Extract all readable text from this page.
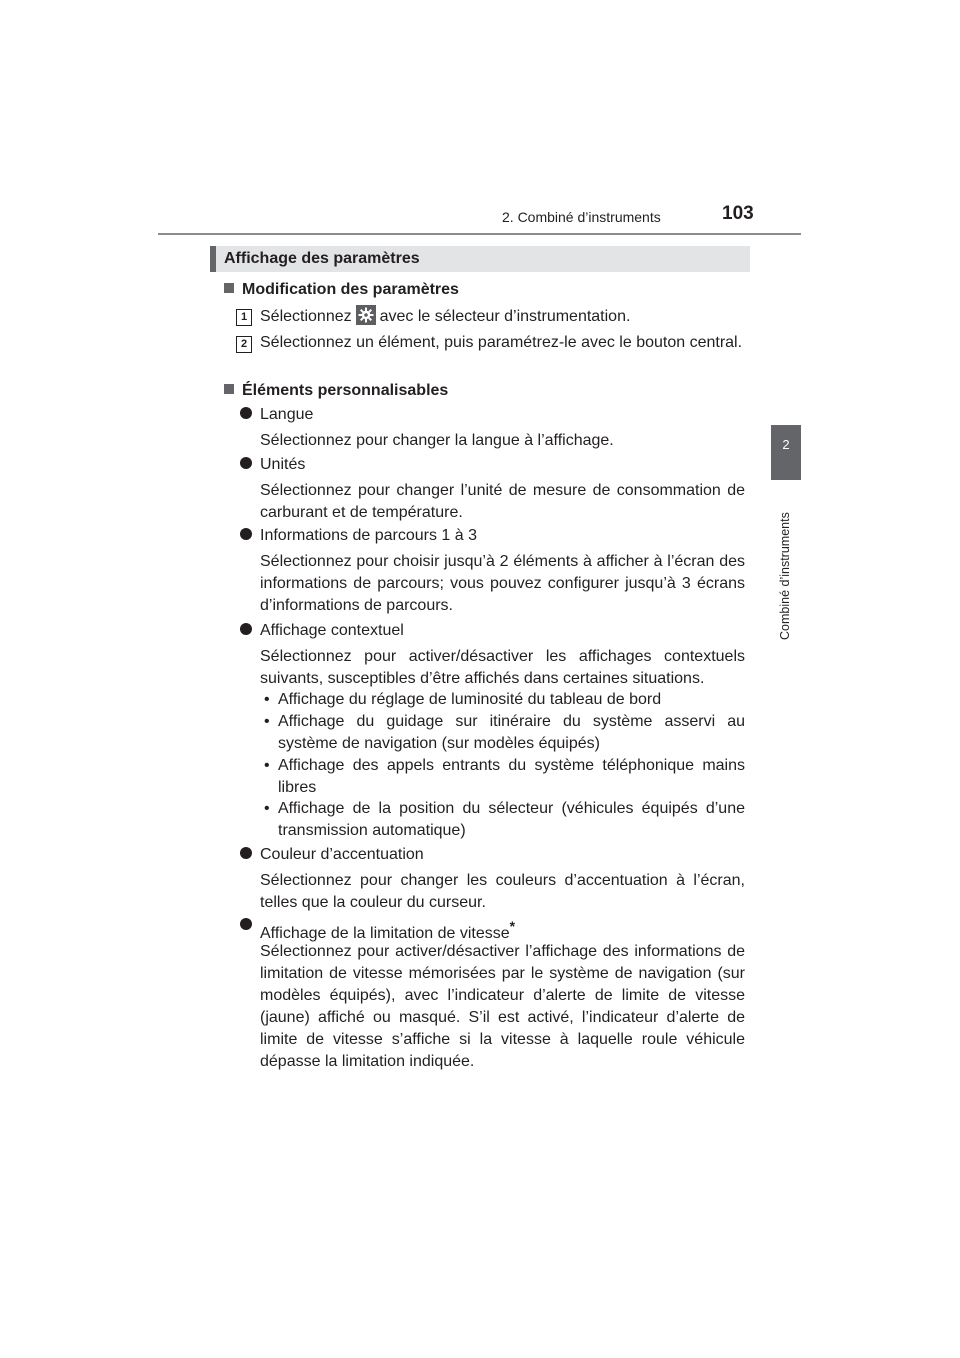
2. Combiné d’instruments	103
2
Combiné d’instruments
Affichage des paramètres
Modification des paramètres
1 Sélectionnez avec le sélecteur d’instrumentation.
2 Sélectionnez un élément, puis paramétrez-le avec le bouton central.
Éléments personnalisables
Langue
Sélectionnez pour changer la langue à l’affichage.
Unités
Sélectionnez pour changer l’unité de mesure de consommation de carburant et de température.
Informations de parcours 1 à 3
Sélectionnez pour choisir jusqu’à 2 éléments à afficher à l’écran des informations de parcours; vous pouvez configurer jusqu’à 3 écrans d’informations de parcours.
Affichage contextuel
Sélectionnez pour activer/désactiver les affichages contextuels suivants, susceptibles d’être affichés dans certaines situations.
• Affichage du réglage de luminosité du tableau de bord
• Affichage du guidage sur itinéraire du système asservi au système de navigation (sur modèles équipés)
• Affichage des appels entrants du système téléphonique mains libres
• Affichage de la position du sélecteur (véhicules équipés d’une transmission automatique)
Couleur d’accentuation
Sélectionnez pour changer les couleurs d’accentuation à l’écran, telles que la couleur du curseur.
Affichage de la limitation de vitesse*
Sélectionnez pour activer/désactiver l’affichage des informations de limitation de vitesse mémorisées par le système de navigation (sur modèles équipés), avec l’indicateur d’alerte de limite de vitesse (jaune) affiché ou masqué. S’il est activé, l’indicateur d’alerte de limite de vitesse s’affiche si la vitesse à laquelle roule véhicule dépasse la limitation indiquée.
